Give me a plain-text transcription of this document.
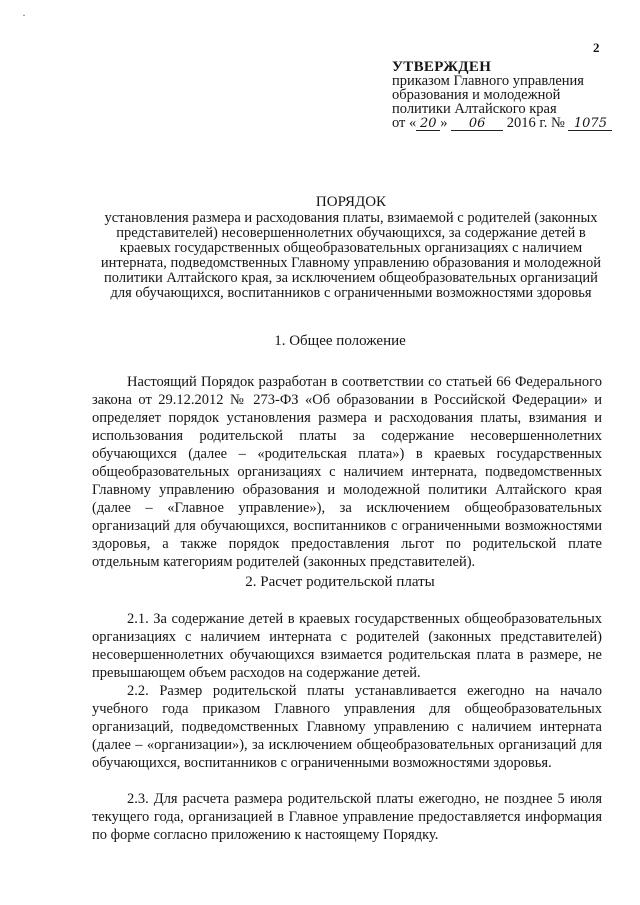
·
2
УТВЕРЖДЕН
приказом Главного управления
образования и молодежной
политики Алтайского края
от « 20 » 06 2016 г. № 1075
ПОРЯДОК
установления размера и расходования платы, взимаемой с родителей (законных представителей) несовершеннолетних обучающихся, за содержание детей в краевых государственных общеобразовательных организациях с наличием интерната, подведомственных Главному управлению образования и молодежной политики Алтайского края, за исключением общеобразовательных организаций для обучающихся, воспитанников с ограниченными возможностями здоровья
1. Общее положение

Настоящий Порядок разработан в соответствии со статьей 66 Федерального закона от 29.12.2012 № 273-ФЗ «Об образовании в Российской Федерации» и определяет порядок установления размера и расходования платы, взимания и использования родительской платы за содержание несовершеннолетних обучающихся (далее – «родительская плата») в краевых государственных общеобразовательных организациях с наличием интерната, подведомственных Главному управлению образования и молодежной политики Алтайского края (далее – «Главное управление»), за исключением общеобразовательных организаций для обучающихся, воспитанников с ограниченными возможностями здоровья, а также порядок предоставления льгот по родительской плате отдельным категориям родителей (законных представителей).

2. Расчет родительской платы

2.1. За содержание детей в краевых государственных общеобразовательных организациях с наличием интерната с родителей (законных представителей) несовершеннолетних обучающихся взимается родительская плата в размере, не превышающем объем расходов на содержание детей.

2.2. Размер родительской платы устанавливается ежегодно на начало учебного года приказом Главного управления для общеобразовательных организаций, подведомственных Главному управлению с наличием интерната (далее – «организации»), за исключением общеобразовательных организаций для обучающихся, воспитанников с ограниченными возможностями здоровья.

2.3. Для расчета размера родительской платы ежегодно, не позднее 5 июля текущего года, организацией в Главное управление предоставляется информация по форме согласно приложению к настоящему Порядку.
